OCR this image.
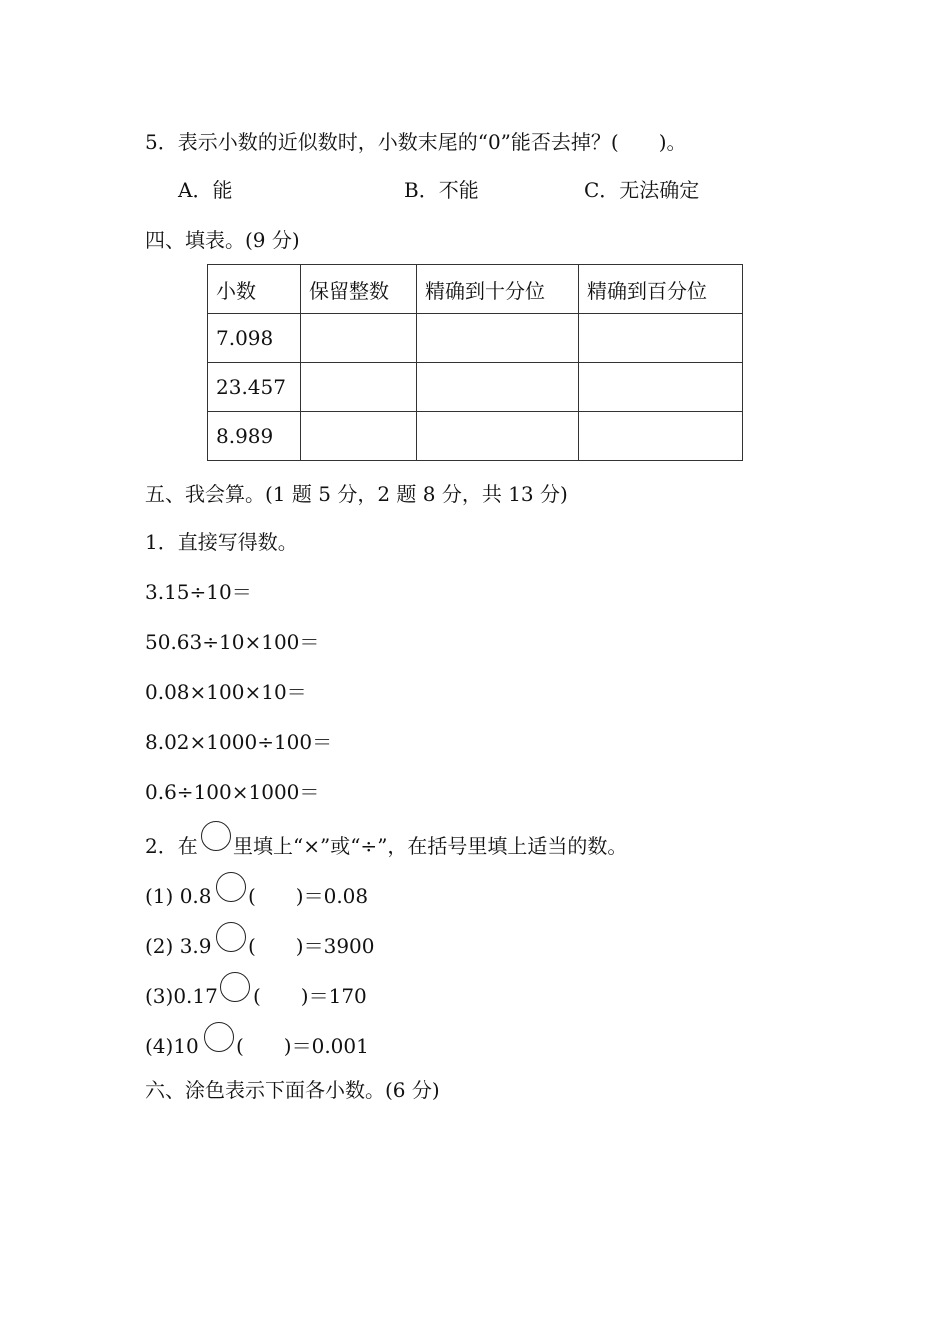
5．表示小数的近似数时，小数末尾的“0”能否去掉？(　　)。
A．能	B．不能	C．无法确定
四、填表。(9 分)
小数	保留整数	精确到十分位	精确到百分位
7.098			
23.457			
8.989			
五、我会算。(1 题 5 分，2 题 8 分，共 13 分)
1．直接写得数。
3.15÷10＝
50.63÷10×100＝
0.08×100×10＝
8.02×1000÷100＝
0.6÷100×1000＝
2．在 里填上“×”或“÷”，在括号里填上适当的数。
(1) 0.8 (　　)＝0.08
(2) 3.9 (　　)＝3900
(3)0.17 (　　)＝170
(4)10 (　　)＝0.001
六、涂色表示下面各小数。(6 分)
